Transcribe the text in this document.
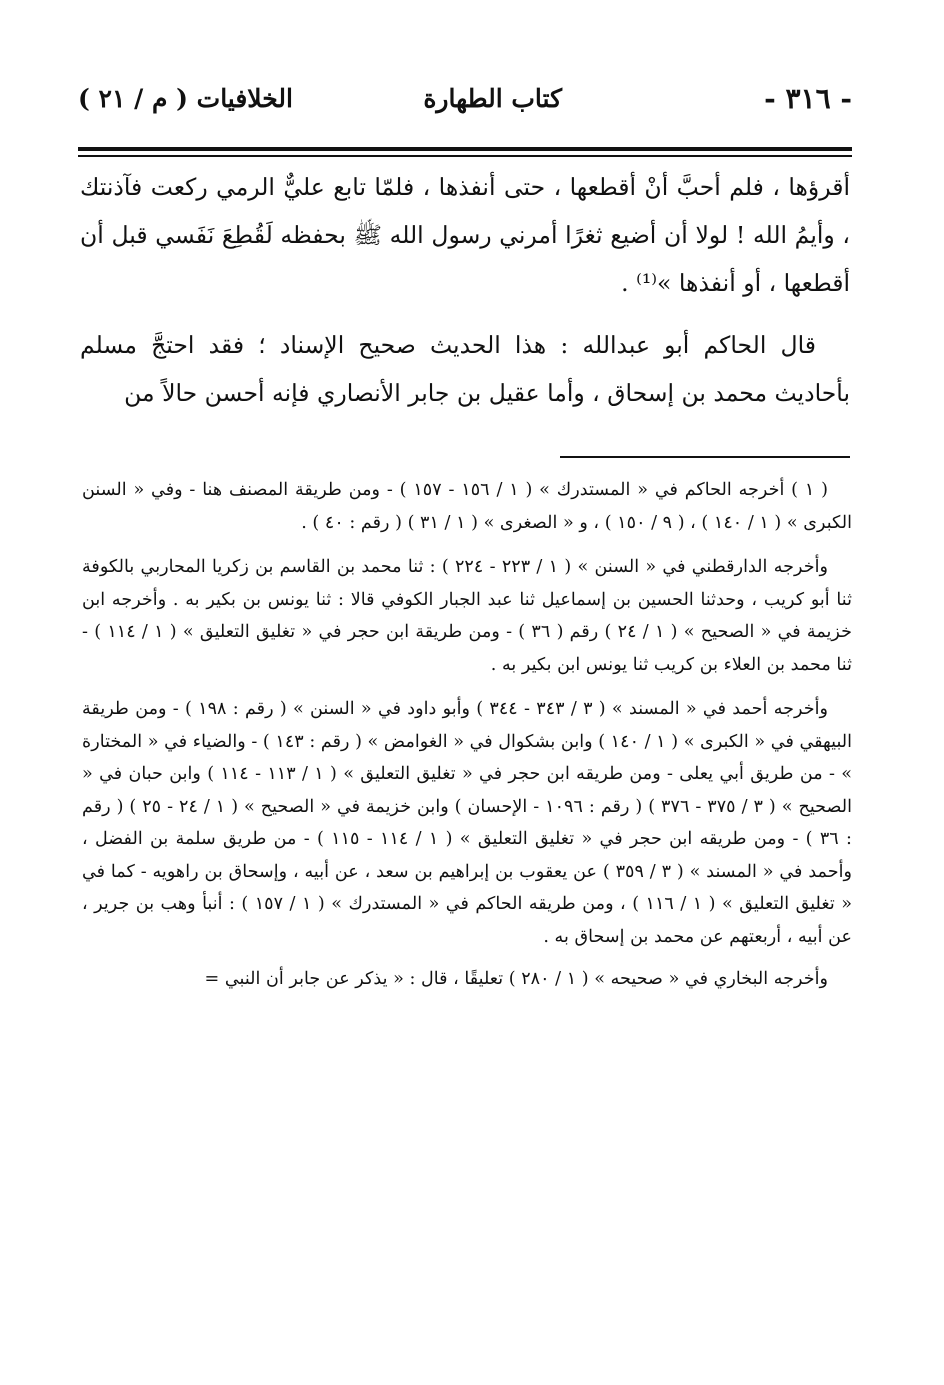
- ٣١٦ -
كتاب الطهارة
الخلافيات ( م / ٢١ )

أقرؤها ، فلم أحبَّ أنْ أقطعها ، حتى أنفذها ، فلمّا تابع عليٌّ الرمي ركعت فآذنتك ، وأيمُ الله ! لولا أن أضيع ثغرًا أمرني رسول الله ﷺ بحفظه لَقُطِعَ نَفَسي قبل أن أقطعها ، أو أنفذها »⁽¹⁾ .

قال الحاكم أبو عبدالله : هذا الحديث صحيح الإسناد ؛ فقد احتجَّ مسلم بأحاديث محمد بن إسحاق ، وأما عقيل بن جابر الأنصاري فإنه أحسن حالاً من

( ١ ) أخرجه الحاكم في « المستدرك » ( ١ / ١٥٦ - ١٥٧ ) - ومن طريقة المصنف هنا - وفي « السنن الكبرى » ( ١ / ١٤٠ ) ، ( ٩ / ١٥٠ ) ، و « الصغرى » ( ١ / ٣١ ) ( رقم : ٤٠ ) .

وأخرجه الدارقطني في « السنن » ( ١ / ٢٢٣ - ٢٢٤ ) : ثنا محمد بن القاسم بن زكريا المحاربي بالكوفة ثنا أبو كريب ، وحدثنا الحسين بن إسماعيل ثنا عبد الجبار الكوفي قالا : ثنا يونس بن بكير به . وأخرجه ابن خزيمة في « الصحيح » ( ١ / ٢٤ ) رقم ( ٣٦ ) - ومن طريقة ابن حجر في « تغليق التعليق » ( ١ / ١١٤ ) - ثنا محمد بن العلاء بن كريب ثنا يونس ابن بكير به .

وأخرجه أحمد في « المسند » ( ٣ / ٣٤٣ - ٣٤٤ ) وأبو داود في « السنن » ( رقم : ١٩٨ ) - ومن طريقة البيهقي في « الكبرى » ( ١ / ١٤٠ ) وابن بشكوال في « الغوامض » ( رقم : ١٤٣ ) - والضياء في « المختارة » - من طريق أبي يعلى - ومن طريقه ابن حجر في « تغليق التعليق » ( ١ / ١١٣ - ١١٤ ) وابن حبان في « الصحيح » ( ٣ / ٣٧٥ - ٣٧٦ ) ( رقم : ١٠٩٦ - الإحسان ) وابن خزيمة في « الصحيح » ( ١ / ٢٤ - ٢٥ ) ( رقم : ٣٦ ) - ومن طريقه ابن حجر في « تغليق التعليق » ( ١ / ١١٤ - ١١٥ ) - من طريق سلمة بن الفضل ، وأحمد في « المسند » ( ٣ / ٣٥٩ ) عن يعقوب بن إبراهيم بن سعد ، عن أبيه ، وإسحاق بن راهويه - كما في « تغليق التعليق » ( ١ / ١١٦ ) ، ومن طريقه الحاكم في « المستدرك » ( ١ / ١٥٧ ) : أنبأ وهب بن جرير ، عن أبيه ، أربعتهم عن محمد بن إسحاق به .

وأخرجه البخاري في « صحيحه » ( ١ / ٢٨٠ ) تعليقًا ، قال : « يذكر عن جابر أن النبي =
